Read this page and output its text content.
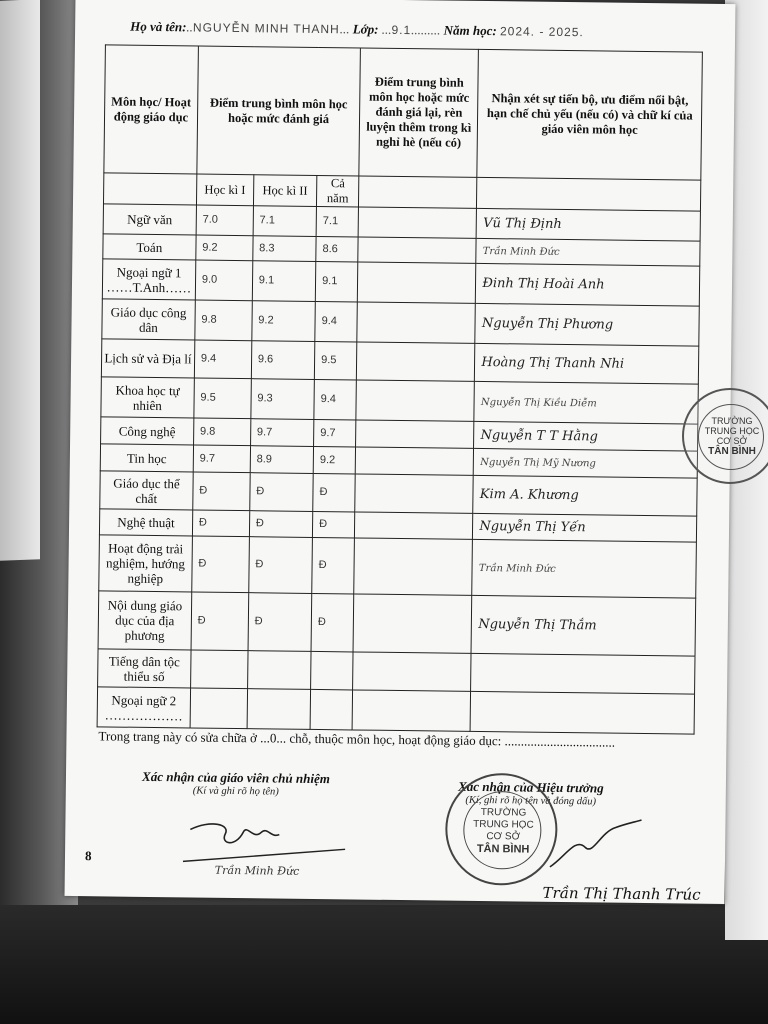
Họ và tên:..NGUYỄN MINH THANH... Lớp: ...9.1......... Năm học: 2024. - 2025.
Môn học/ Hoạt động giáo dục	Điểm trung bình môn học hoặc mức đánh giá			Điểm trung bình môn học hoặc mức đánh giá lại, rèn luyện thêm trong kì nghỉ hè (nếu có)	Nhận xét sự tiến bộ, ưu điểm nổi bật, hạn chế chủ yếu (nếu có) và chữ kí của giáo viên môn học
	Học kì I	Học kì II	Cả năm		
Ngữ văn	7.0	7.1	7.1		Vũ Thị Định
Toán	9.2	8.3	8.6		Trần Minh Đức
Ngoại ngữ 1 ……T.Anh……	9.0	9.1	9.1		Đinh Thị Hoài Anh
Giáo dục công dân	9.8	9.2	9.4		Nguyễn Thị Phương
Lịch sử và Địa lí	9.4	9.6	9.5		Hoàng Thị Thanh Nhi
Khoa học tự nhiên	9.5	9.3	9.4		Nguyễn Thị Kiều Diễm
Công nghệ	9.8	9.7	9.7		Nguyễn T T Hằng
Tin học	9.7	8.9	9.2		Nguyễn Thị Mỹ Nương
Giáo dục thể chất	Đ	Đ	Đ		Kim A. Khương
Nghệ thuật	Đ	Đ	Đ		Nguyễn Thị Yến
Hoạt động trải nghiệm, hướng nghiệp	Đ	Đ	Đ		Trần Minh Đức
Nội dung giáo dục của địa phương	Đ	Đ	Đ		Nguyễn Thị Thắm
Tiếng dân tộc thiểu số					
Ngoại ngữ 2 ………………					
Trong trang này có sửa chữa ở ...0... chỗ, thuộc môn học, hoạt động giáo dục: ..................................
Xác nhận của giáo viên chủ nhiệm
(Kí và ghi rõ họ tên)
Trần Minh Đức
8
Xác nhận của Hiệu trưởng
(Kí, ghi rõ họ tên và đóng dấu)
TRƯỜNG
TRUNG HỌC
CƠ SỞ
TÂN BÌNH
Trần Thị Thanh Trúc
TRƯỜNG
TRUNG HỌC
CƠ SỞ
TÂN BÌNH
